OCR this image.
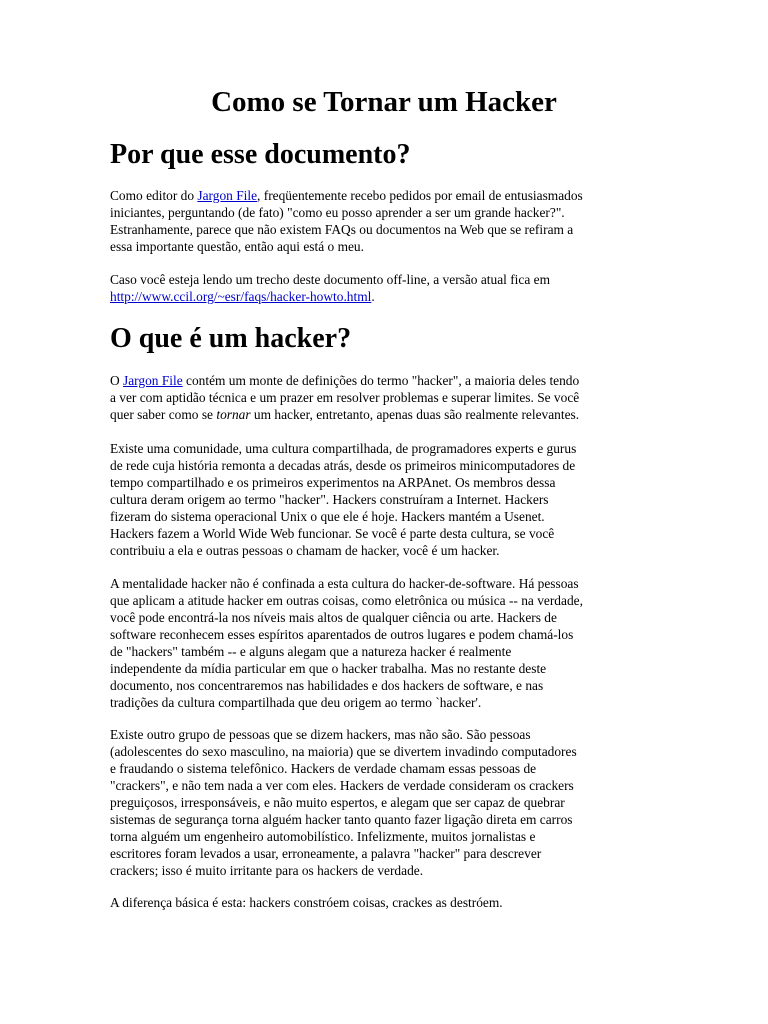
Como se Tornar um Hacker
Por que esse documento?

Como editor do Jargon File, freqüentemente recebo pedidos por email de entusiasmados
iniciantes, perguntando (de fato) "como eu posso aprender a ser um grande hacker?".
Estranhamente, parece que não existem FAQs ou documentos na Web que se refiram a
essa importante questão, então aqui está o meu.

Caso você esteja lendo um trecho deste documento off-line, a versão atual fica em
http://www.ccil.org/~esr/faqs/hacker-howto.html.

O que é um hacker?

O Jargon File contém um monte de definições do termo "hacker", a maioria deles tendo
a ver com aptidão técnica e um prazer em resolver problemas e superar limites. Se você
quer saber como se tornar um hacker, entretanto, apenas duas são realmente relevantes.

Existe uma comunidade, uma cultura compartilhada, de programadores experts e gurus
de rede cuja história remonta a decadas atrás, desde os primeiros minicomputadores de
tempo compartilhado e os primeiros experimentos na ARPAnet. Os membros dessa
cultura deram origem ao termo "hacker". Hackers construíram a Internet. Hackers
fizeram do sistema operacional Unix o que ele é hoje. Hackers mantém a Usenet.
Hackers fazem a World Wide Web funcionar. Se você é parte desta cultura, se você
contribuiu a ela e outras pessoas o chamam de hacker, você é um hacker.

A mentalidade hacker não é confinada a esta cultura do hacker-de-software. Há pessoas
que aplicam a atitude hacker em outras coisas, como eletrônica ou música -- na verdade,
você pode encontrá-la nos níveis mais altos de qualquer ciência ou arte. Hackers de
software reconhecem esses espíritos aparentados de outros lugares e podem chamá-los
de "hackers" também -- e alguns alegam que a natureza hacker é realmente
independente da mídia particular em que o hacker trabalha. Mas no restante deste
documento, nos concentraremos nas habilidades e dos hackers de software, e nas
tradições da cultura compartilhada que deu origem ao termo `hacker'.

Existe outro grupo de pessoas que se dizem hackers, mas não são. São pessoas
(adolescentes do sexo masculino, na maioria) que se divertem invadindo computadores
e fraudando o sistema telefônico. Hackers de verdade chamam essas pessoas de
"crackers", e não tem nada a ver com eles. Hackers de verdade consideram os crackers
preguiçosos, irresponsáveis, e não muito espertos, e alegam que ser capaz de quebrar
sistemas de segurança torna alguém hacker tanto quanto fazer ligação direta em carros
torna alguém um engenheiro automobilístico. Infelizmente, muitos jornalistas e
escritores foram levados a usar, erroneamente, a palavra "hacker" para descrever
crackers; isso é muito irritante para os hackers de verdade.

A diferença básica é esta: hackers constróem coisas, crackes as destróem.
